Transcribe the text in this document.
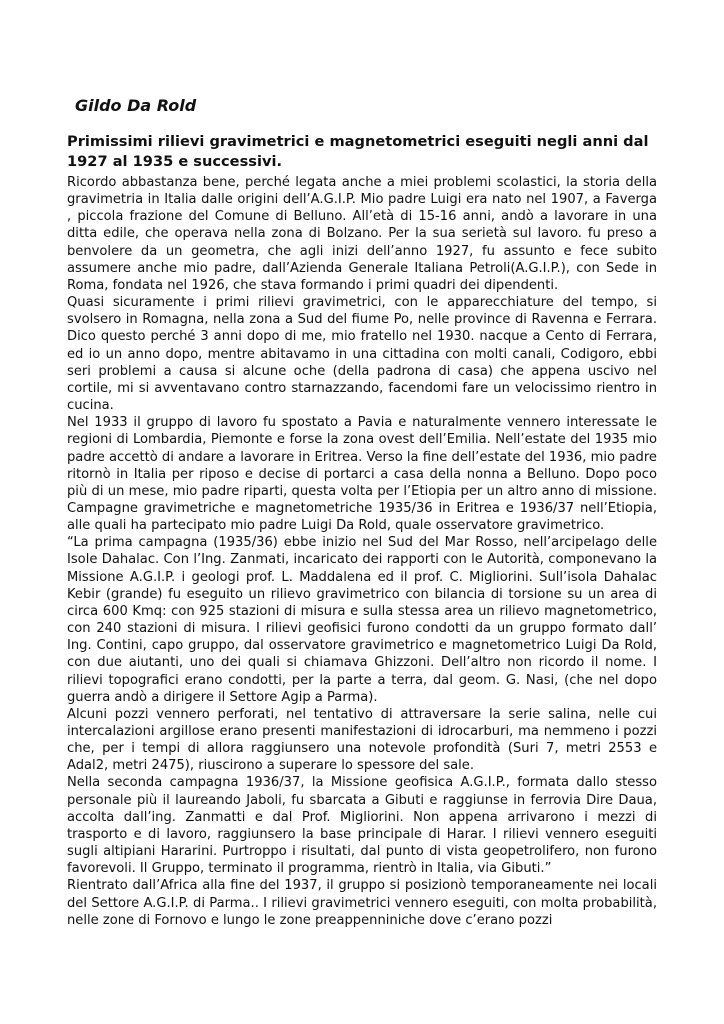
Gildo Da Rold
Primissimi rilievi gravimetrici e magnetometrici eseguiti negli anni dal 1927 al 1935 e successivi.

Ricordo abbastanza bene, perché legata anche a miei problemi scolastici, la storia della gravimetria in Italia dalle origini dell’A.G.I.P. Mio padre Luigi era nato nel 1907, a Faverga , piccola frazione del Comune di Belluno. All’età di 15-16 anni, andò a lavorare in una ditta edile, che operava nella zona di Bolzano. Per la sua serietà sul lavoro. fu preso a benvolere da un geometra, che agli inizi dell’anno 1927, fu assunto e fece subito assumere anche mio padre, dall’Azienda Generale Italiana Petroli(A.G.I.P.), con Sede in Roma, fondata nel 1926, che stava formando i primi quadri dei dipendenti.

Quasi sicuramente i primi rilievi gravimetrici, con le apparecchiature del tempo, si svolsero in Romagna, nella zona a Sud del fiume Po, nelle province di Ravenna e Ferrara. Dico questo perché 3 anni dopo di me, mio fratello nel 1930. nacque a Cento di Ferrara, ed io un anno dopo, mentre abitavamo in una cittadina con molti canali, Codigoro, ebbi seri problemi a causa si alcune oche (della padrona di casa) che appena uscivo nel cortile, mi si avventavano contro starnazzando, facendomi fare un velocissimo rientro in cucina.

Nel 1933 il gruppo di lavoro fu spostato a Pavia e naturalmente vennero interessate le regioni di Lombardia, Piemonte e forse la zona ovest dell’Emilia. Nell’estate del 1935 mio padre accettò di andare a lavorare in Eritrea. Verso la fine dell’estate del 1936, mio padre ritornò in Italia per riposo e decise di portarci a casa della nonna a Belluno. Dopo poco più di un mese, mio padre riparti, questa volta per l’Etiopia per un altro anno di missione. Campagne gravimetriche e magnetometriche 1935/36 in Eritrea e 1936/37 nell’Etiopia, alle quali ha partecipato mio padre Luigi Da Rold, quale osservatore gravimetrico.

“La prima campagna (1935/36) ebbe inizio nel Sud del Mar Rosso, nell’arcipelago delle Isole Dahalac. Con l’Ing. Zanmati, incaricato dei rapporti con le Autorità, componevano la Missione A.G.I.P. i geologi prof. L. Maddalena ed il prof. C. Migliorini. Sull’isola Dahalac Kebir (grande) fu eseguito un rilievo gravimetrico con bilancia di torsione su un area di circa 600 Kmq: con 925 stazioni di misura e sulla stessa area un rilievo magnetometrico, con 240 stazioni di misura. I rilievi geofisici furono condotti da un gruppo formato dall’ Ing. Contini, capo gruppo, dal osservatore gravimetrico e magnetometrico Luigi Da Rold, con due aiutanti, uno dei quali si chiamava Ghizzoni. Dell’altro non ricordo il nome. I rilievi topografici erano condotti, per la parte a terra, dal geom. G. Nasi, (che nel dopo guerra andò a dirigere il Settore Agip a Parma).

Alcuni pozzi vennero perforati, nel tentativo di attraversare la serie salina, nelle cui intercalazioni argillose erano presenti manifestazioni di idrocarburi, ma nemmeno i pozzi che, per i tempi di allora raggiunsero una notevole profondità (Suri 7, metri 2553 e Adal2, metri 2475), riuscirono a superare lo spessore del sale.

Nella seconda campagna 1936/37, la Missione geofisica A.G.I.P., formata dallo stesso personale più il laureando Jaboli, fu sbarcata a Gibuti e raggiunse in ferrovia Dire Daua, accolta dall’ing. Zanmatti e dal Prof. Migliorini. Non appena arrivarono i mezzi di trasporto e di lavoro, raggiunsero la base principale di Harar. I rilievi vennero eseguiti sugli altipiani Hararini. Purtroppo i risultati, dal punto di vista geopetrolifero, non furono favorevoli. Il Gruppo, terminato il programma, rientrò in Italia, via Gibuti.”

Rientrato dall’Africa alla fine del 1937, il gruppo si posizionò temporaneamente nei locali del Settore A.G.I.P. di Parma.. I rilievi gravimetrici vennero eseguiti, con molta probabilità, nelle zone di Fornovo e lungo le zone preappenniniche dove c’erano pozzi
